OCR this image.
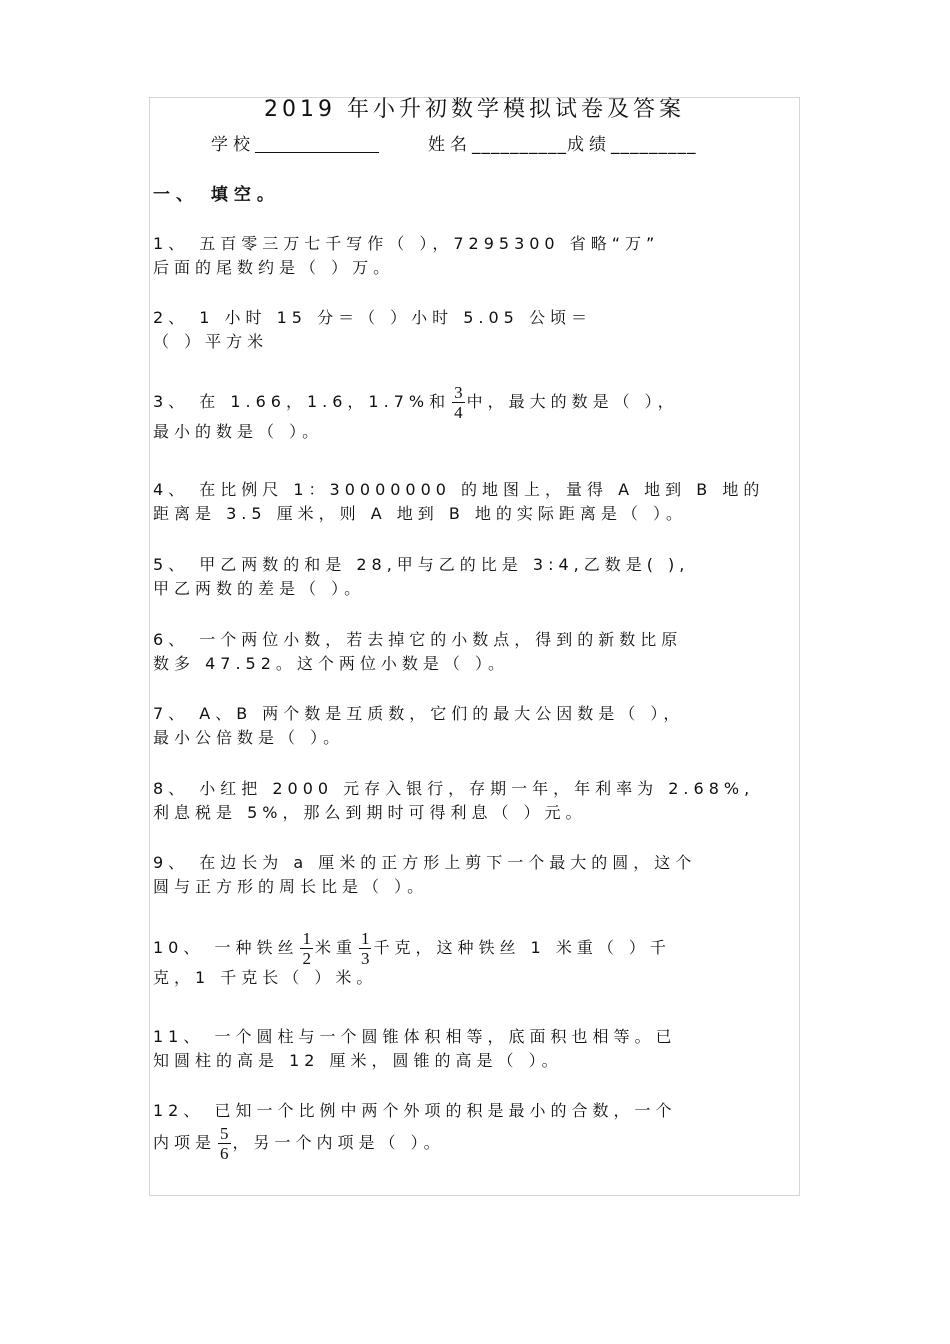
2019 年小升初数学模拟试卷及答案
学校	姓名__________成绩_________
一、 填空。
1、 五百零三万七千写作（ ），7295300 省略“万”
后面的尾数约是（ ）万。
2、 1 小时 15 分＝（ ）小时 5.05 公顷＝
（ ）平方米
3、 在 1.66，1.6，1.7%和 $\frac{3}{4}$ 中，最大的数是（ ），
最小的数是（ ）。
4、 在比例尺 1：30000000 的地图上，量得 A 地到 B 地的
距离是 3.5 厘米，则 A 地到 B 地的实际距离是（ ）。
5、 甲乙两数的和是 28,甲与乙的比是 3:4,乙数是( ),
甲乙两数的差是（ ）。
6、 一个两位小数，若去掉它的小数点，得到的新数比原
数多 47.52。这个两位小数是（ ）。
7、 A、B 两个数是互质数，它们的最大公因数是（ ），
最小公倍数是（ ）。
8、 小红把 2000 元存入银行，存期一年，年利率为 2.68%,
利息税是 5%，那么到期时可得利息（ ）元。
9、 在边长为 a 厘米的正方形上剪下一个最大的圆，这个
圆与正方形的周长比是（ ）。
10、 一种铁丝 $\frac{1}{2}$ 米重 $\frac{1}{3}$ 千克，这种铁丝 1 米重（ ）千
克，1 千克长（ ）米。
11、 一个圆柱与一个圆锥体积相等，底面积也相等。已
知圆柱的高是 12 厘米，圆锥的高是（ ）。
12、 已知一个比例中两个外项的积是最小的合数，一个
内项是 $\frac{5}{6}$ ，另一个内项是（ ）。
